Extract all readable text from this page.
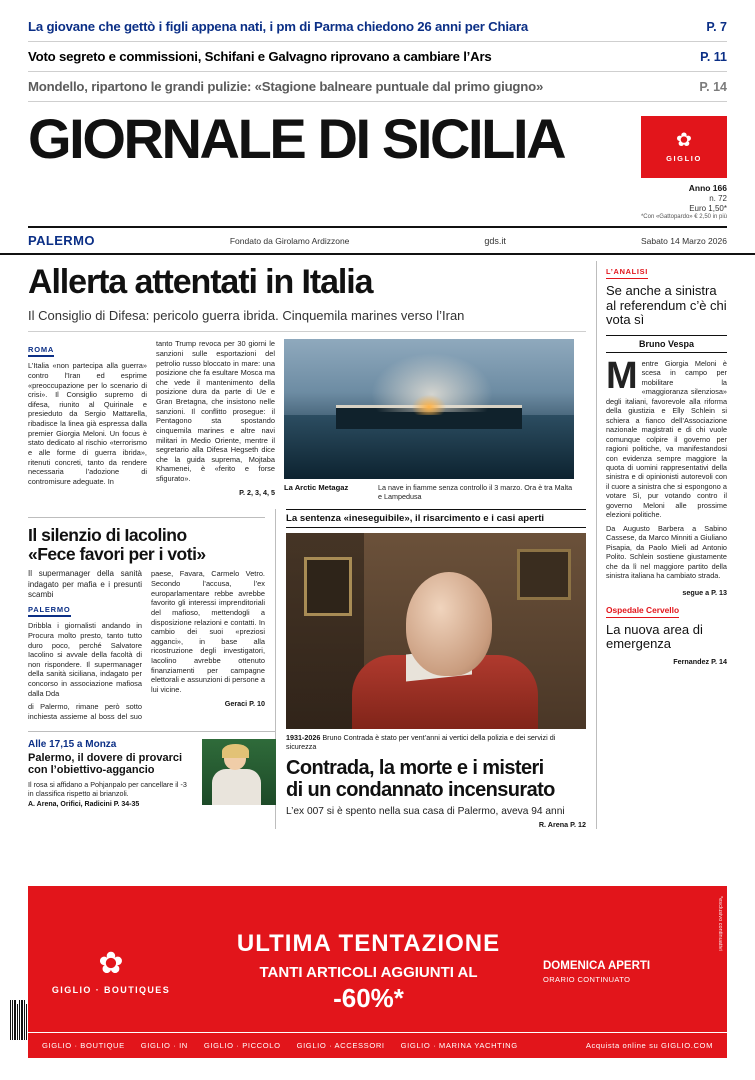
La giovane che gettò i figli appena nati, i pm di Parma chiedono 26 anni per Chiara	P. 7
Voto segreto e commissioni, Schifani e Galvagno riprovano a cambiare l’Ars	P. 11
Mondello, ripartono le grandi pulizie: «Stagione balneare puntuale dal primo giugno»	P. 14
GIORNALE DI SICILIA	✿
GIGLIO
Anno 166
n. 72
Euro 1,50*
*Con «Gattopardo» € 2,50 in più
PALERMO	Fondato da Girolamo Ardizzone	gds.it	Sabato 14 Marzo 2026
Allerta attentati in Italia
Il Consiglio di Difesa: pericolo guerra ibrida. Cinquemila marines verso l’Iran
ROMA

L’Italia «non partecipa alla guerra» contro l’Iran ed esprime «preoccupazione per lo scenario di crisi». Il Consiglio supremo di difesa, riunito al Quirinale e presieduto da Sergio Mattarella, ribadisce la linea già espressa dalla premier Giorgia Meloni. Un focus è stato dedicato al rischio «terrorismo e alle forme di guerra ibrida», ritenuti concreti, tanto da rendere necessaria l’adozione di contromisure adeguate. In

tanto Trump revoca per 30 giorni le sanzioni sulle esportazioni del petrolio russo bloccato in mare: una posizione che fa esultare Mosca ma che vede il mantenimento della posizione dura da parte di Ue e Gran Bretagna, che insistono nelle sanzioni. Il conflitto prosegue: il Pentagono sta spostando cinquemila marines e altre navi militari in Medio Oriente, mentre il segretario alla Difesa Hegseth dice che la guida suprema, Mojtaba Khamenei, è «ferito e forse sfigurato».

P. 2, 3, 4, 5 La Arctic Metagaz	La nave in fiamme senza controllo il 3 marzo. Ora è tra Malta e Lampedusa
Il silenzio di Iacolino
«Fece favori per i voti»

Il supermanager della sanità indagato per mafia e i presunti scambi

PALERMO

Dribbla i giornalisti andando in Procura molto presto, tanto tutto duro poco, perché Salvatore Iacolino si avvale della facoltà di non rispondere. Il supermanager della sanità siciliana, indagato per concorso in associazione mafiosa dalla Dda

di Palermo, rimane però sotto inchiesta assieme al boss del suo paese, Favara, Carmelo Vetro. Secondo l’accusa, l’ex europarlamentare rebbe avrebbe favorito gli interessi imprenditoriali del mafioso, mettendogli a disposizione relazioni e contatti. In cambio dei suoi «preziosi agganci», in base alla ricostruzione degli investigatori, Iacolino avrebbe ottenuto finanziamenti per campagne elettorali e assunzioni di persone a lui vicine.

Geraci P. 10
Alle 17,15 a Monza
Palermo, il dovere di provarci
con l’obiettivo-aggancio
Il rosa si affidano a Pohjanpalo per cancellare il -3 in classifica rispetto ai brianzoli.
A. Arena, Orifici, Radicini P. 34-35
La sentenza «ineseguibile», il risarcimento e i casi aperti
1931-2026 Bruno Contrada è stato per vent’anni ai vertici della polizia e dei servizi di sicurezza
Contrada, la morte e i misteri
di un condannato incensurato
L’ex 007 si è spento nella sua casa di Palermo, aveva 94 anni
R. Arena P. 12
L’ANALISI
Se anche a sinistra al referendum c’è chi vota sì
Bruno Vespa
M entre Giorgia Meloni è scesa in campo per mobilitare la «maggioranza silenziosa» degli italiani, favorevole alla riforma della giustizia e Elly Schlein si schiera a fianco dell’Associazione nazionale magistrati e di chi vuole comunque colpire il governo per ragioni politiche, va manifestandosi con evidenza sempre maggiore la quota di uomini rappresentativi della sinistra e di opinionisti autorevoli con il cuore a sinistra che si espongono a votare Sì, pur votando contro il governo Meloni alle prossime elezioni politiche.

Da Augusto Barbera a Sabino Cassese, da Marco Minniti a Giuliano Pisapia, da Paolo Mieli ad Antonio Polito. Schlein sostiene giustamente che da lì nel maggiore partito della sinistra italiana ha cambiato strada.

segue a P. 13
Ospedale Cervello
La nuova area di emergenza
Fernandez P. 14
✿
GIGLIO · BOUTIQUES
ULTIMA TENTAZIONE
TANTI ARTICOLI AGGIUNTI AL
-60%*
DOMENICA APERTI
ORARIO CONTINUATO
*esclusivo continuativi
GIGLIO · BOUTIQUE GIGLIO · IN GIGLIO · PICCOLO GIGLIO · ACCESSORI GIGLIO · MARINA YACHTING	Acquista online su GIGLIO.COM
